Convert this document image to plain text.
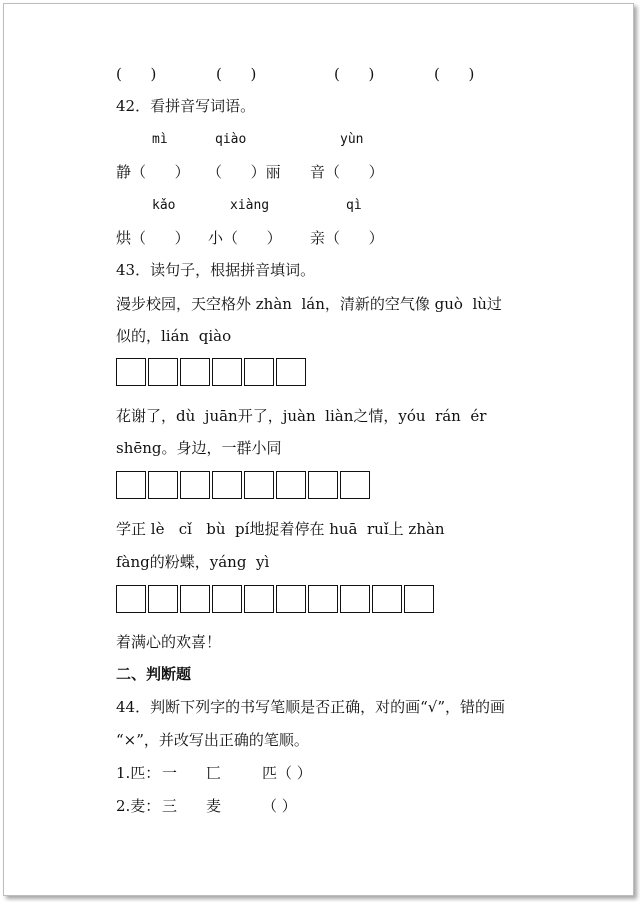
(      )	(      )	(      )	(      )
42．看拼音写词语。
mì	qiào	yùn
静（      ） （      ）丽 音（      ）
kǎo	xiàng	qì
烘（      ） 小（      ） 亲（      ）
43．读句子，根据拼音填词。
漫步校园，天空格外 zhàn  lán，清新的空气像 guò  lù过
似的，lián  qiào
花谢了，dù  juān开了，juàn  liàn之情，yóu  rán  ér
shēng。身边，一群小同
学正 lè   cǐ   bù  pí地捉着停在 huā  ruǐ上 zhàn
fàng的粉蝶，yáng  yì
着满心的欢喜！
二、判断题
44．判断下列字的书写笔顺是否正确，对的画“√”，错的画
“×”，并改写出正确的笔顺。
1.匹： 一 匸	匹（ ）
2.麦： 三 麦	（ ）
